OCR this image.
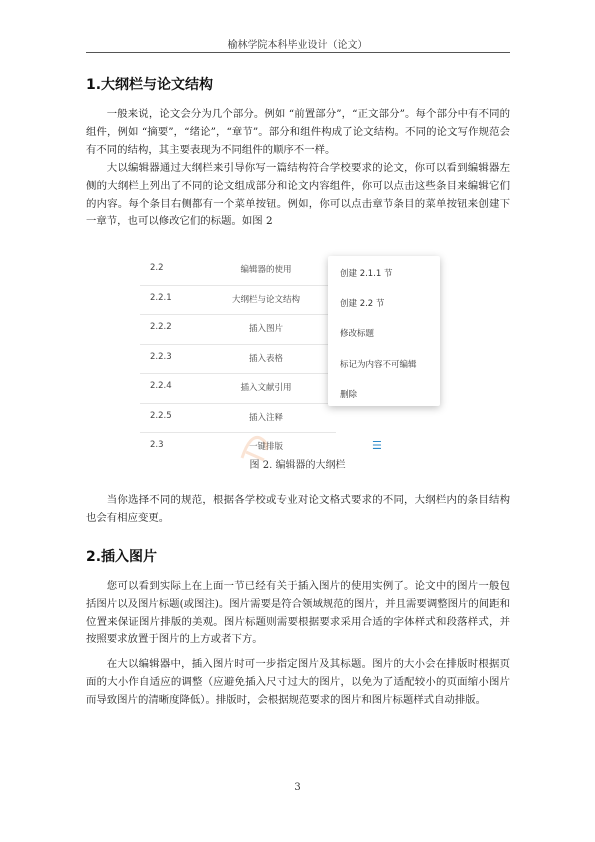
榆林学院本科毕业设计（论文）
1.大纲栏与论文结构

一般来说，论文会分为几个部分。例如 “前置部分”，“正文部分”。每个部分中有不同的组件，例如 “摘要”，“绪论”，“章节”。部分和组件构成了论文结构。不同的论文写作规范会有不同的结构，其主要表现为不同组件的顺序不一样。

大以编辑器通过大纲栏来引导你写一篇结构符合学校要求的论文，你可以看到编辑器左侧的大纲栏上列出了不同的论文组成部分和论文内容组件，你可以点击这些条目来编辑它们的内容。每个条目右侧都有一个菜单按钮。例如，你可以点击章节条目的菜单按钮来创建下一章节，也可以修改它们的标题。如图 2

2.2	编辑器的使用
2.2.1	大纲栏与论文结构
2.2.2	插入图片
2.2.3	插入表格
2.2.4	插入文献引用
2.2.5	插入注释
2.3	一键排版	☰
创建 2.1.1 节
创建 2.2 节
修改标题
标记为内容不可编辑
删除
图 2. 编辑器的大纲栏

当你选择不同的规范，根据各学校或专业对论文格式要求的不同，大纲栏内的条目结构也会有相应变更。

2.插入图片

您可以看到实际上在上面一节已经有关于插入图片的使用实例了。论文中的图片一般包括图片以及图片标题(或图注)。图片需要是符合领域规范的图片，并且需要调整图片的间距和位置来保证图片排版的美观。图片标题则需要根据要求采用合适的字体样式和段落样式，并按照要求放置于图片的上方或者下方。

在大以编辑器中，插入图片时可一步指定图片及其标题。图片的大小会在排版时根据页面的大小作自适应的调整（应避免插入尺寸过大的图片，以免为了适配较小的页面缩小图片而导致图片的清晰度降低）。排版时，会根据规范要求的图片和图片标题样式自动排版。

3
